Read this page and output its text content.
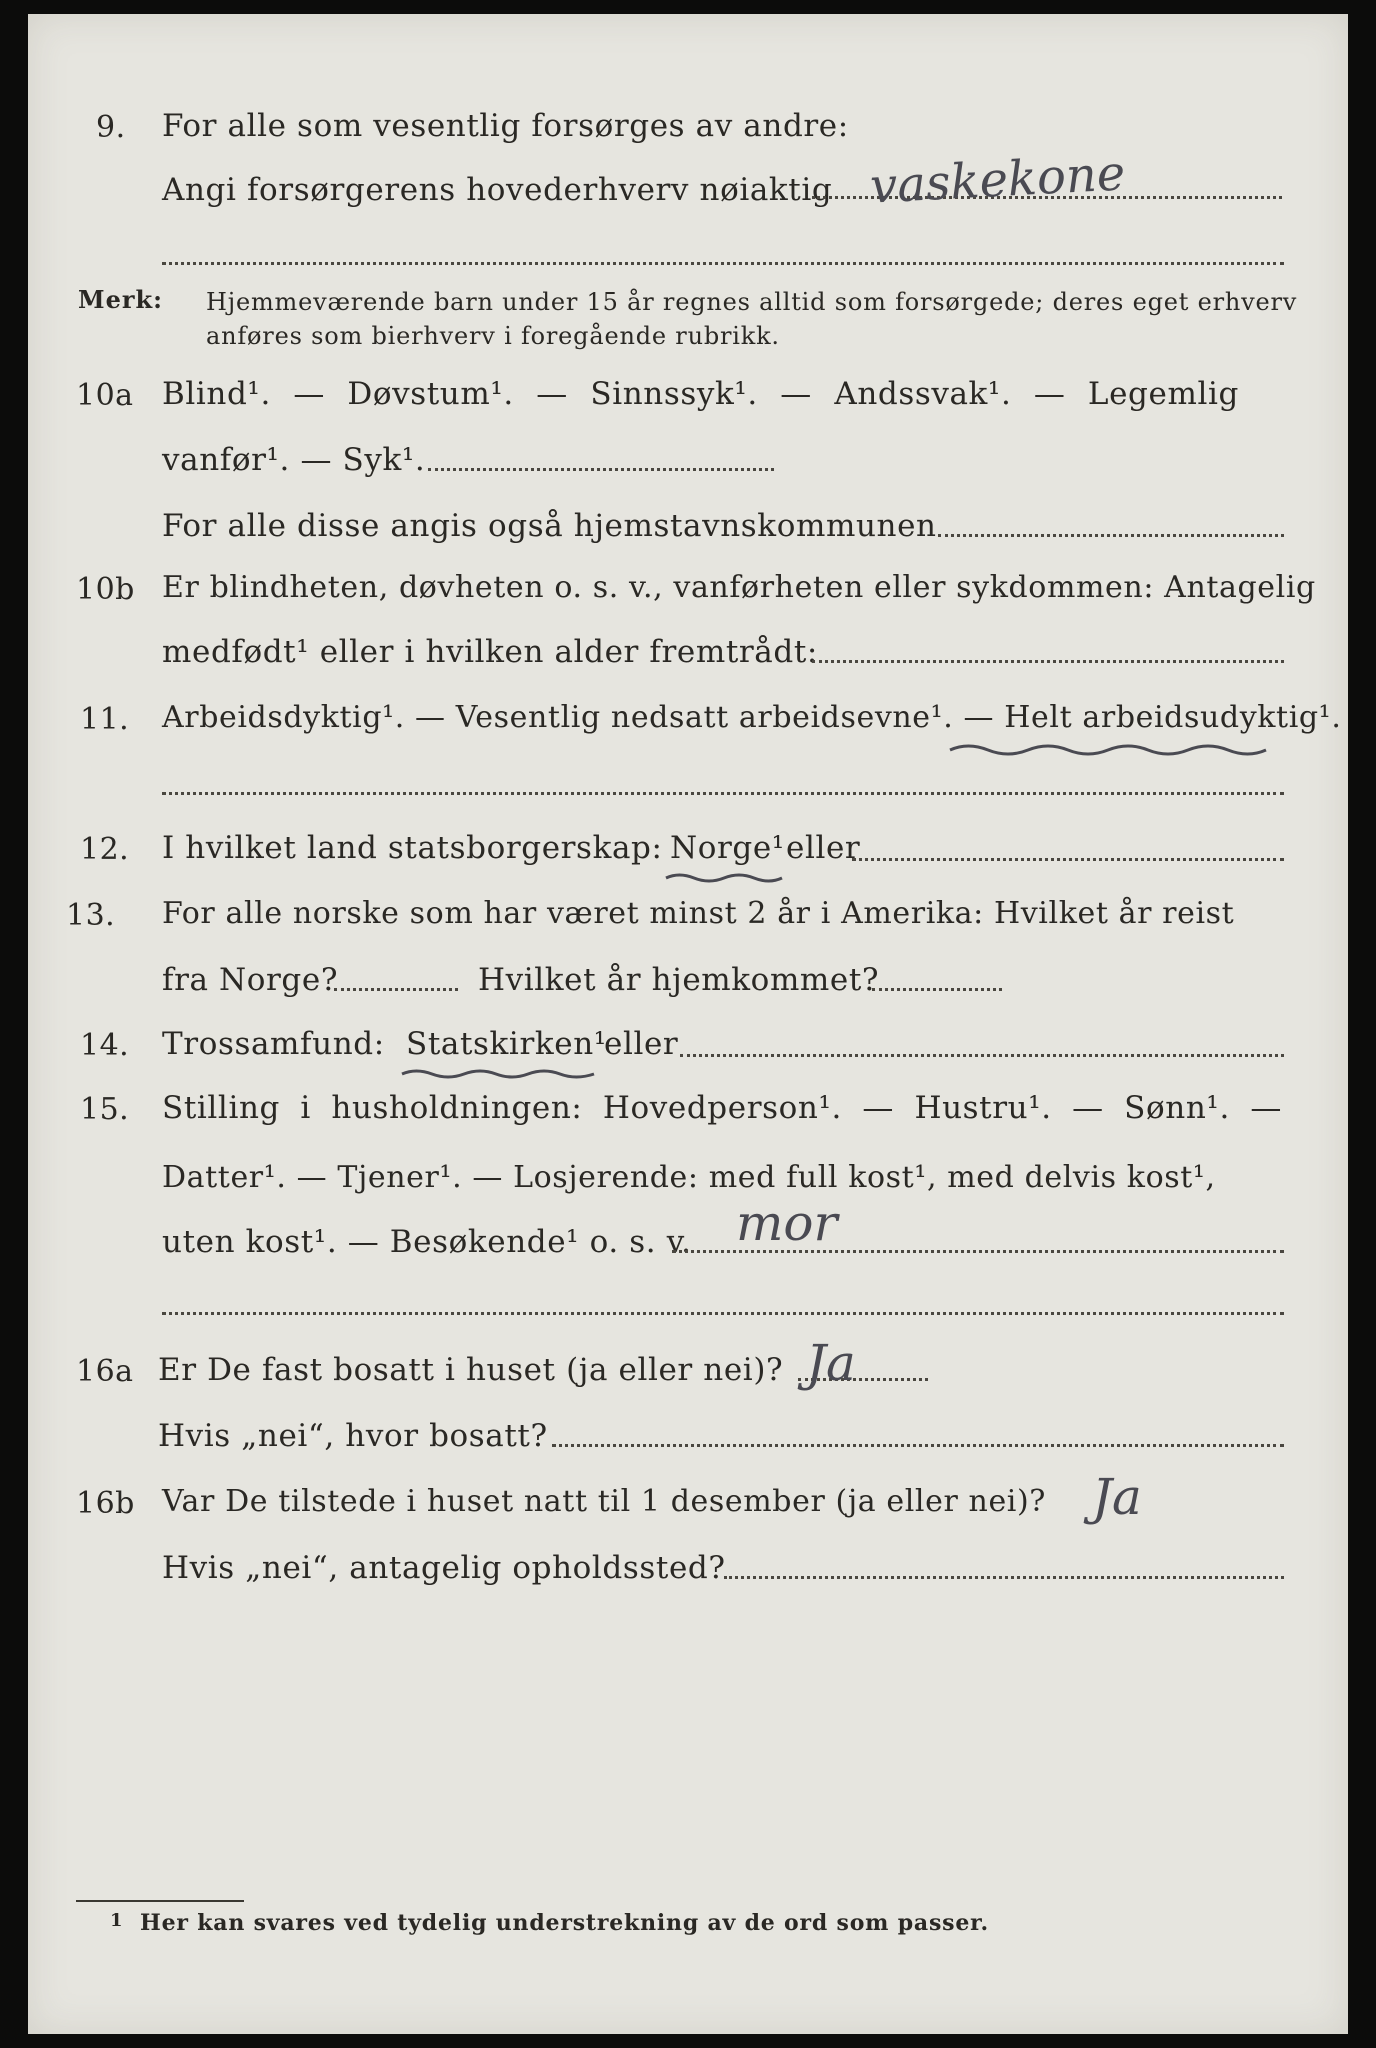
9. For alle som vesentlig forsørges av andre:
Angi forsørgerens hovederhverv nøiaktig vaskekone
Merk: Hjemmeværende barn under 15 år regnes alltid som forsørgede; deres eget erhverv
anføres som bierhverv i foregående rubrikk.
10a Blind¹. — Døvstum¹. — Sinnssyk¹. — Andssvak¹. — Legemlig
vanfør¹. — Syk¹.
For alle disse angis også hjemstavnskommunen
10b Er blindheten, døvheten o. s. v., vanførheten eller sykdommen: Antagelig
medfødt¹ eller i hvilken alder fremtrådt:
11. Arbeidsdyktig¹. — Vesentlig nedsatt arbeidsevne¹. — Helt arbeidsudyktig¹.
12. I hvilket land statsborgerskap: Norge¹ eller
13. For alle norske som har været minst 2 år i Amerika: Hvilket år reist
fra Norge?	Hvilket år hjemkommet?
14. Trossamfund: Statskirken¹
eller
15. Stilling i husholdningen: Hovedperson¹. — Hustru¹. — Sønn¹. —
Datter¹. — Tjener¹. — Losjerende: med full kost¹, med delvis kost¹,
uten kost¹. — Besøkende¹ o. s. v. mor
16a Er De fast bosatt i huset (ja eller nei)? Ja
Hvis „nei“, hvor bosatt?
16b Var De tilstede i huset natt til 1 desember (ja eller nei)? Ja
Hvis „nei“, antagelig opholdssted?
1 Her kan svares ved tydelig understrekning av de ord som passer.
